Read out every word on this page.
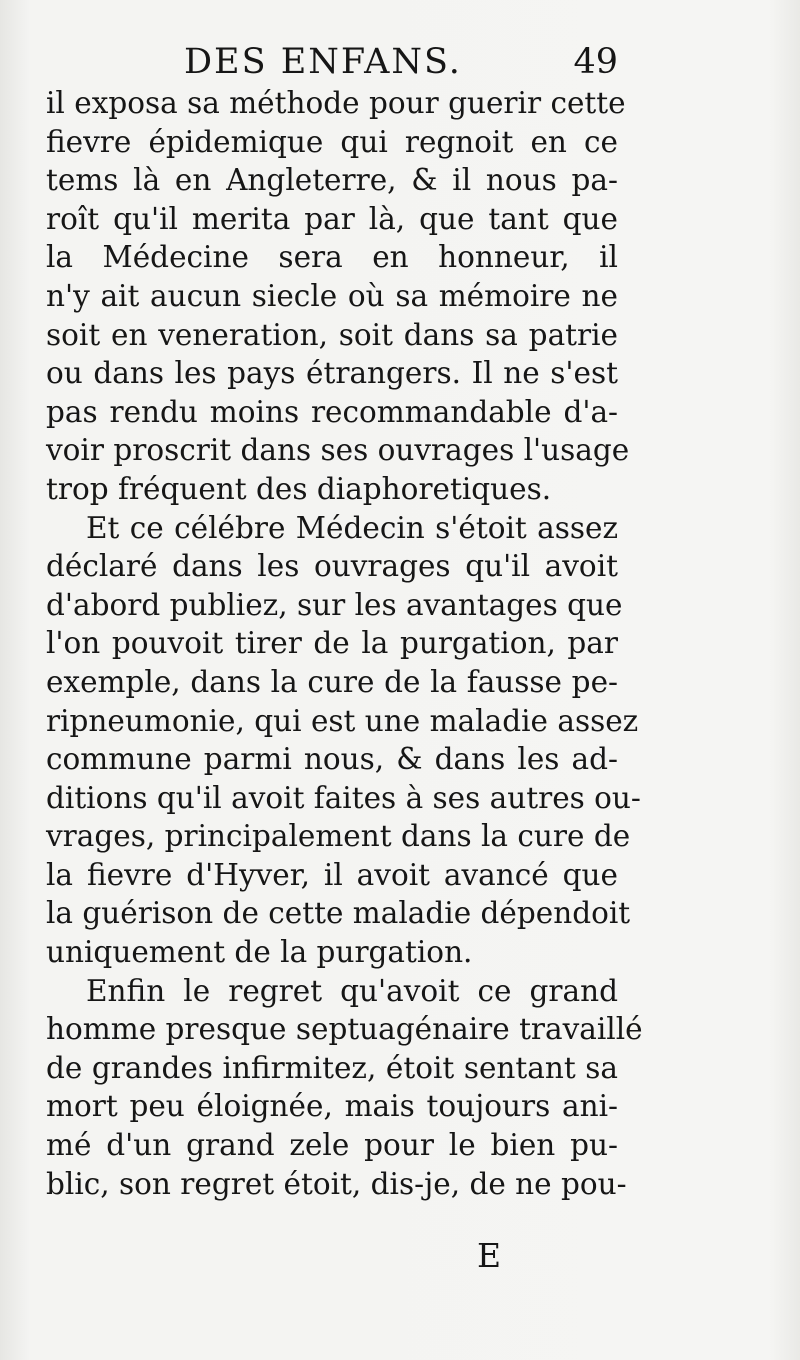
DES ENFANS.	49
il exposa sa méthode pour guerir cette
fievre épidemique qui regnoit en ce
tems là en Angleterre, & il nous pa-
roît qu'il merita par là, que tant que
la Médecine sera en honneur, il
n'y ait aucun siecle où sa mémoire ne
soit en veneration, soit dans sa patrie
ou dans les pays étrangers. Il ne s'est
pas rendu moins recommandable d'a-
voir proscrit dans ses ouvrages l'usage
trop fréquent des diaphoretiques.
Et ce célébre Médecin s'étoit assez
déclaré dans les ouvrages qu'il avoit
d'abord publiez, sur les avantages que
l'on pouvoit tirer de la purgation, par
exemple, dans la cure de la fausse pe-
ripneumonie, qui est une maladie assez
commune parmi nous, & dans les ad-
ditions qu'il avoit faites à ses autres ou-
vrages, principalement dans la cure de
la fievre d'Hyver, il avoit avancé que
la guérison de cette maladie dépendoit
uniquement de la purgation.
Enfin le regret qu'avoit ce grand
homme presque septuagénaire travaillé
de grandes infirmitez, étoit sentant sa
mort peu éloignée, mais toujours ani-
mé d'un grand zele pour le bien pu-
blic, son regret étoit, dis-je, de ne pou-
E
